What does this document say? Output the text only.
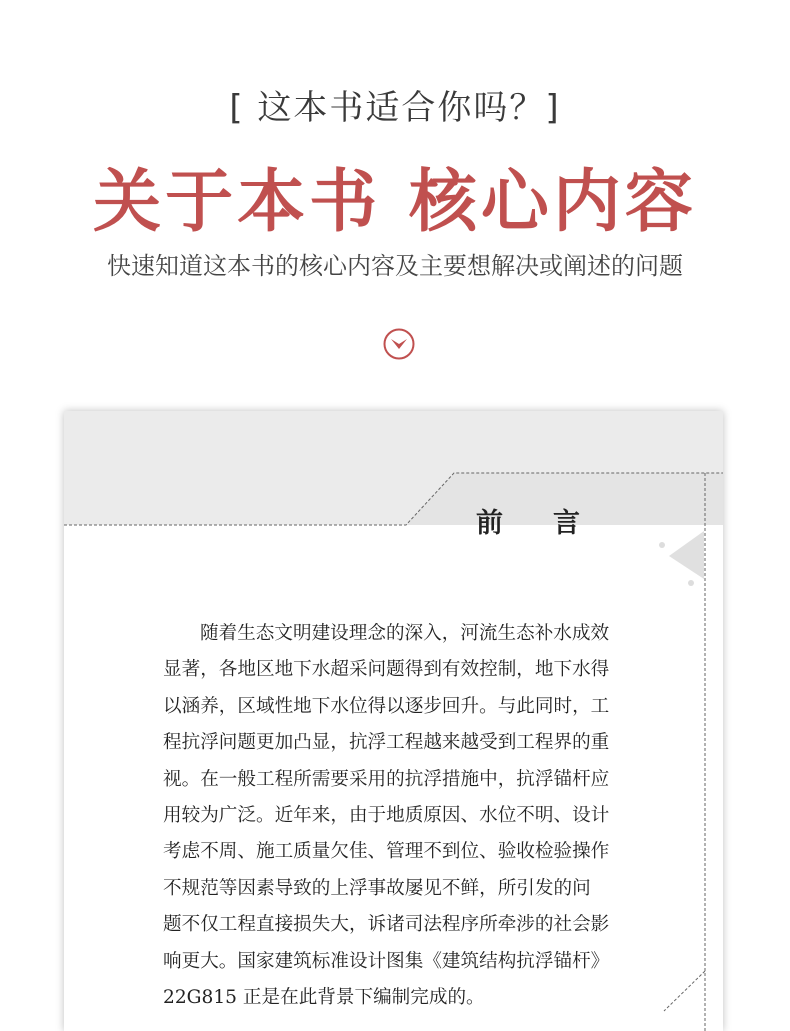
[ 这本书适合你吗？]
关于本书 核心内容
快速知道这本书的核心内容及主要想解决或阐述的问题
前言
随着生态文明建设理念的深入，河流生态补水成效
显著，各地区地下水超采问题得到有效控制，地下水得
以涵养，区域性地下水位得以逐步回升。与此同时，工
程抗浮问题更加凸显，抗浮工程越来越受到工程界的重
视。在一般工程所需要采用的抗浮措施中，抗浮锚杆应
用较为广泛。近年来，由于地质原因、水位不明、设计
考虑不周、施工质量欠佳、管理不到位、验收检验操作
不规范等因素导致的上浮事故屡见不鲜，所引发的问
题不仅工程直接损失大，诉诸司法程序所牵涉的社会影
响更大。国家建筑标准设计图集《建筑结构抗浮锚杆》
22G815 正是在此背景下编制完成的。
